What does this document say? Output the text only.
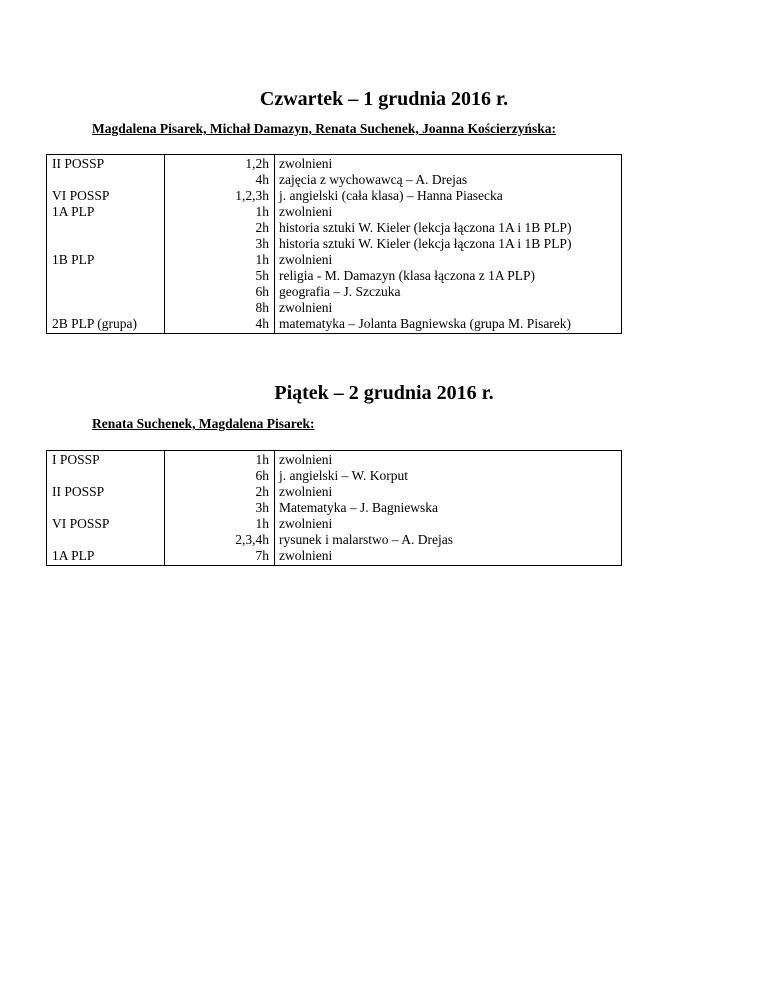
Czwartek – 1 grudnia 2016 r.
Magdalena Pisarek, Michał Damazyn, Renata Suchenek, Joanna Kościerzyńska:
II POSSP
VI POSSP
1A PLP
1B PLP
2B PLP (grupa)
1,2h
4h
1,2,3h
1h
2h
3h
1h
5h
6h
8h
4h
zwolnieni
zajęcia z wychowawcą – A. Drejas
j. angielski (cała klasa) – Hanna Piasecka
zwolnieni
historia sztuki W. Kieler (lekcja łączona 1A i 1B PLP)
historia sztuki W. Kieler (lekcja łączona 1A i 1B PLP)
zwolnieni
religia - M. Damazyn (klasa łączona z 1A PLP)
geografia – J. Szczuka
zwolnieni
matematyka – Jolanta Bagniewska (grupa M. Pisarek)
Piątek – 2 grudnia 2016 r.
Renata Suchenek, Magdalena Pisarek:
I POSSP
II POSSP
VI POSSP
1A PLP
1h
6h
2h
3h
1h
2,3,4h
7h
zwolnieni
j. angielski – W. Korput
zwolnieni
Matematyka – J. Bagniewska
zwolnieni
rysunek i malarstwo – A. Drejas
zwolnieni
